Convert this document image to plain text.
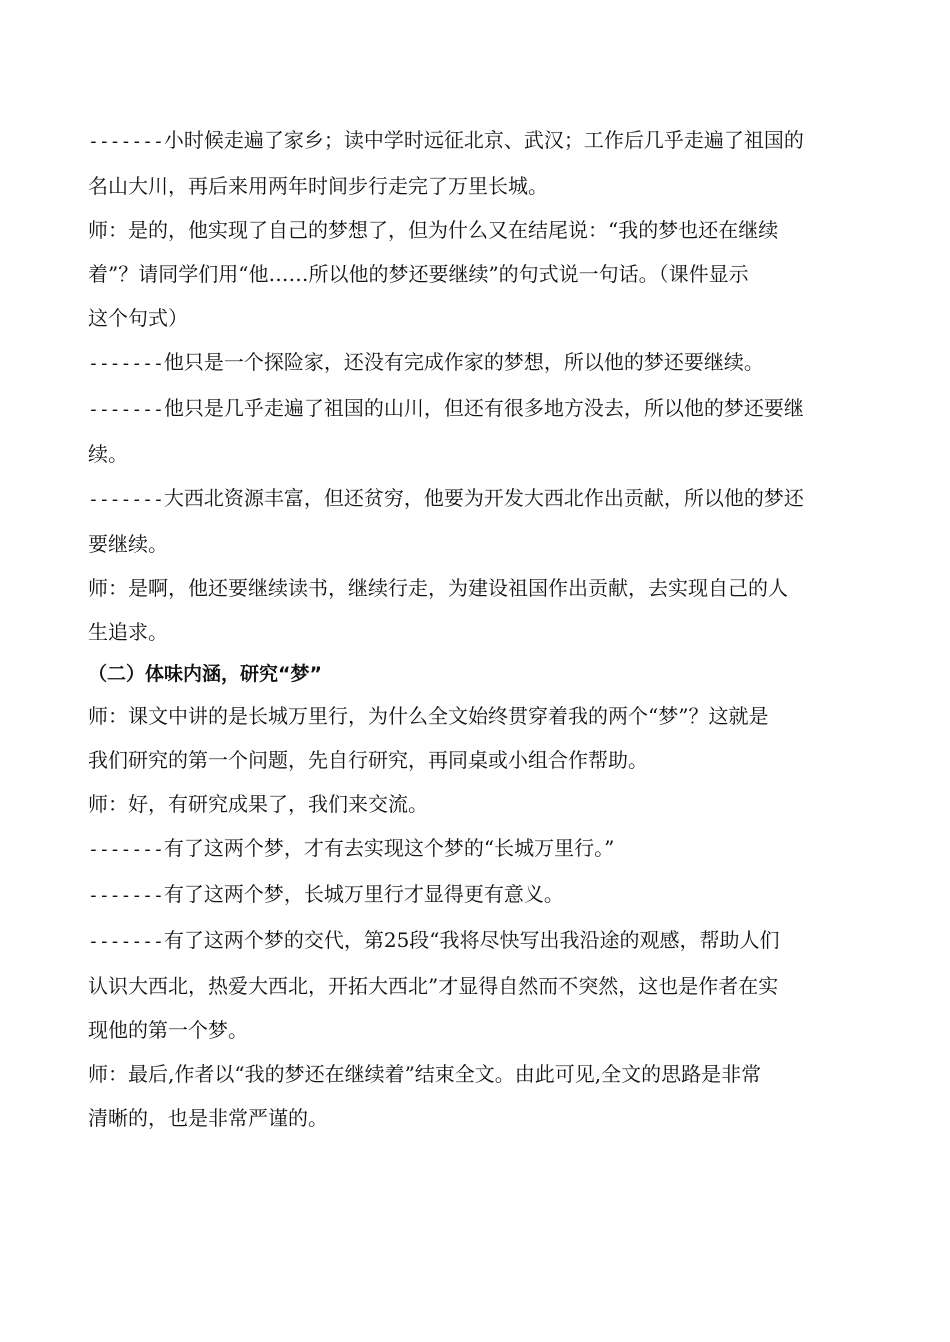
-------小时候走遍了家乡；读中学时远征北京、武汉；工作后几乎走遍了祖国的
名山大川，再后来用两年时间步行走完了万里长城。
师：是的，他实现了自己的梦想了，但为什么又在结尾说：“我的梦也还在继续
着”？请同学们用“他……所以他的梦还要继续”的句式说一句话。（课件显示
这个句式）
-------他只是一个探险家，还没有完成作家的梦想，所以他的梦还要继续。
-------他只是几乎走遍了祖国的山川，但还有很多地方没去，所以他的梦还要继
续。
-------大西北资源丰富，但还贫穷，他要为开发大西北作出贡献，所以他的梦还
要继续。
师：是啊，他还要继续读书，继续行走，为建设祖国作出贡献，去实现自己的人
生追求。
（二）体味内涵，研究“梦”
师：课文中讲的是长城万里行，为什么全文始终贯穿着我的两个“梦”？这就是
我们研究的第一个问题，先自行研究，再同桌或小组合作帮助。
师：好，有研究成果了，我们来交流。
-------有了这两个梦，才有去实现这个梦的“长城万里行。”
-------有了这两个梦，长城万里行才显得更有意义。
-------有了这两个梦的交代，第25段“我将尽快写出我沿途的观感，帮助人们
认识大西北，热爱大西北，开拓大西北”才显得自然而不突然，这也是作者在实
现他的第一个梦。
师：最后,作者以“我的梦还在继续着”结束全文。由此可见,全文的思路是非常
清晰的，也是非常严谨的。
